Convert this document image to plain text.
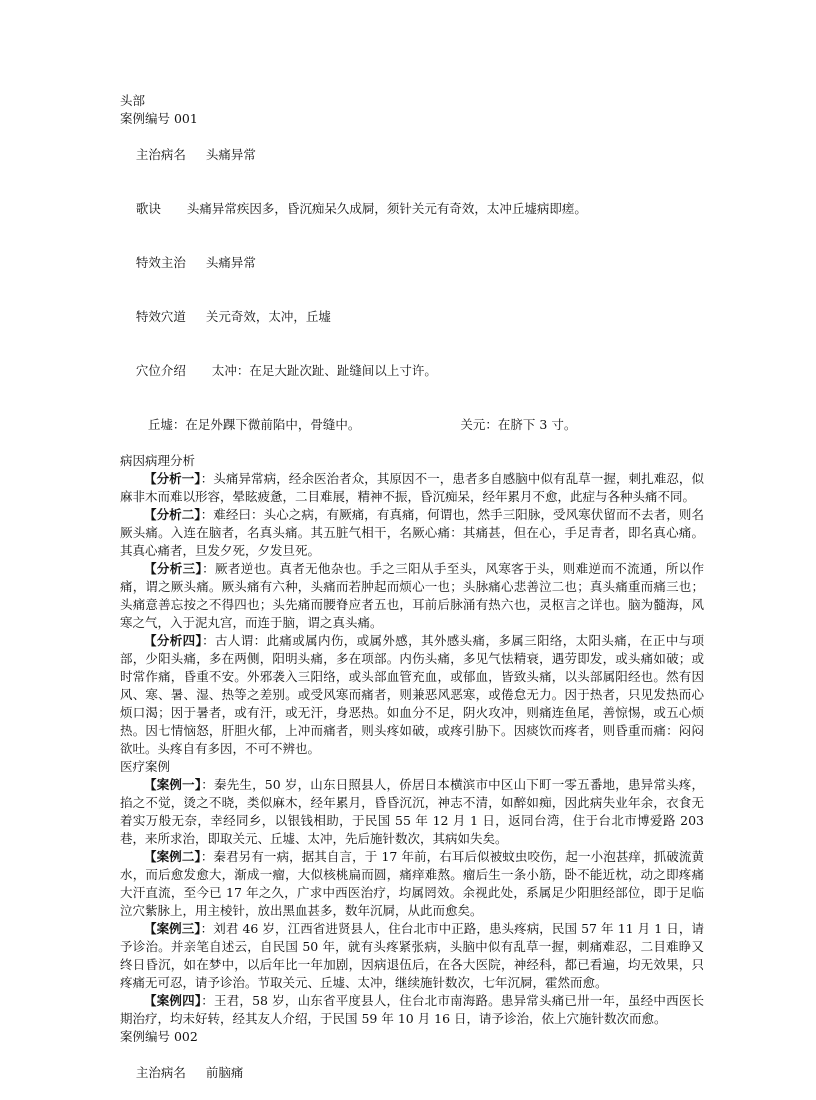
头部
案例编号 001

主治病名 头痛异常

歌诀 头痛异常疾因多，昏沉痴呆久成屙，须针关元有奇效，太冲丘墟病即瘥。

特效主治 头痛异常

特效穴道 关元奇效，太冲，丘墟

穴位介绍 太冲：在足大趾次趾、趾缝间以上寸许。

丘墟：在足外踝下微前陷中，骨缝中。	关元：在脐下 3 寸。

病因病理分析
【分析一】：头痛异常病，经余医治者众，其原因不一，患者多自感脑中似有乱草一握，刺扎难忍，似麻非木而难以形容，晕眩疲惫，二目难展，精神不振，昏沉痴呆，经年累月不愈，此症与各种头痛不同。
【分析二】：难经曰：头心之病，有厥痛，有真痛，何谓也，然手三阳脉，受风寒伏留而不去者，则名厥头痛。入连在脑者，名真头痛。其五脏气相干，名厥心痛：其痛甚，但在心，手足青者，即名真心痛。其真心痛者，旦发夕死，夕发旦死。
【分析三】：厥者逆也。真者无他杂也。手之三阳从手至头，风寒客于头，则难逆而不流通，所以作痛，谓之厥头痛。厥头痛有六种，头痛而若肿起而烦心一也；头脉痛心悲善泣二也；真头痛重而痛三也；头痛意善忘按之不得四也；头先痛而腰脊应者五也，耳前后脉涌有热六也，灵枢言之详也。脑为髓海，风寒之气，入于泥丸宫，而连于脑，谓之真头痛。
【分析四】：古人谓：此痛或属内伤，或属外感，其外感头痛，多属三阳络，太阳头痛，在正中与项部，少阳头痛，多在两侧，阳明头痛，多在项部。内伤头痛，多见气怯精衰，遇劳即发，或头痛如破；或时常作痛，昏重不安。外邪袭入三阳络，或头部血管充血，或郁血，皆致头痛，以头部属阳经也。然有因风、寒、暑、湿、热等之差别。或受风寒而痛者，则兼恶风恶寒，或倦怠无力。因于热者，只见发热而心烦口渴；因于暑者，或有汗，或无汗，身恶热。如血分不足，阴火攻冲，则痛连鱼尾，善惊惕，或五心烦热。因七情恼怒，肝胆火郁，上冲而痛者，则头疼如破，或疼引胁下。因痰饮而疼者，则昏重而痛：闷闷欲吐。头疼自有多因，不可不辨也。
医疗案例
【案例一】：秦先生，50 岁，山东日照县人，侨居日本横滨市中区山下町一零五番地，患异常头疼，掐之不觉，烫之不晓，类似麻木，经年累月，昏昏沉沉，神志不清，如醉如痴，因此病失业年余，衣食无着实万般无奈，幸经同乡，以银钱相助，于民国 55 年 12 月 1 日，返同台湾，住于台北市博爱路 203 巷，来所求治，即取关元、丘墟、太冲，先后施针数次，其病如失矣。
【案例二】：秦君另有一病，据其自言，于 17 年前，右耳后似被蚊虫咬伤，起一小泡甚痒，抓破流黄水，而后愈发愈大，渐成一瘤，大似核桃扁而圆，痛痒难熬。瘤后生一条小筋，卧不能近枕，动之即疼痛大汗直流，至今已 17 年之久，广求中西医治疗，均属罔效。余视此处，系属足少阳胆经部位，即于足临泣穴紫脉上，用主棱针，放出黑血甚多，数年沉屙，从此而愈矣。
【案例三】：刘君 46 岁，江西省进贤县人，住台北市中正路，患头疼病，民国 57 年 11 月 1 日，请予诊治。并亲笔自述云，自民国 50 年，就有头疼紧张病，头脑中似有乱草一握，刺痛难忍，二目难睁又终日昏沉，如在梦中，以后年比一年加剧，因病退伍后，在各大医院，神经科，都已看遍，均无效果，只疼痛无可忍，请予诊治。节取关元、丘墟、太冲，继续施针数次，七年沉屙，霍然而愈。
【案例四】：王君，58 岁，山东省平度县人，住台北市南海路。患异常头痛已卅一年，虽经中西医长期治疗，均未好转，经其友人介绍，于民国 59 年 10 月 16 日，请予诊治，依上穴施针数次而愈。
案例编号 002

主治病名 前脑痛
